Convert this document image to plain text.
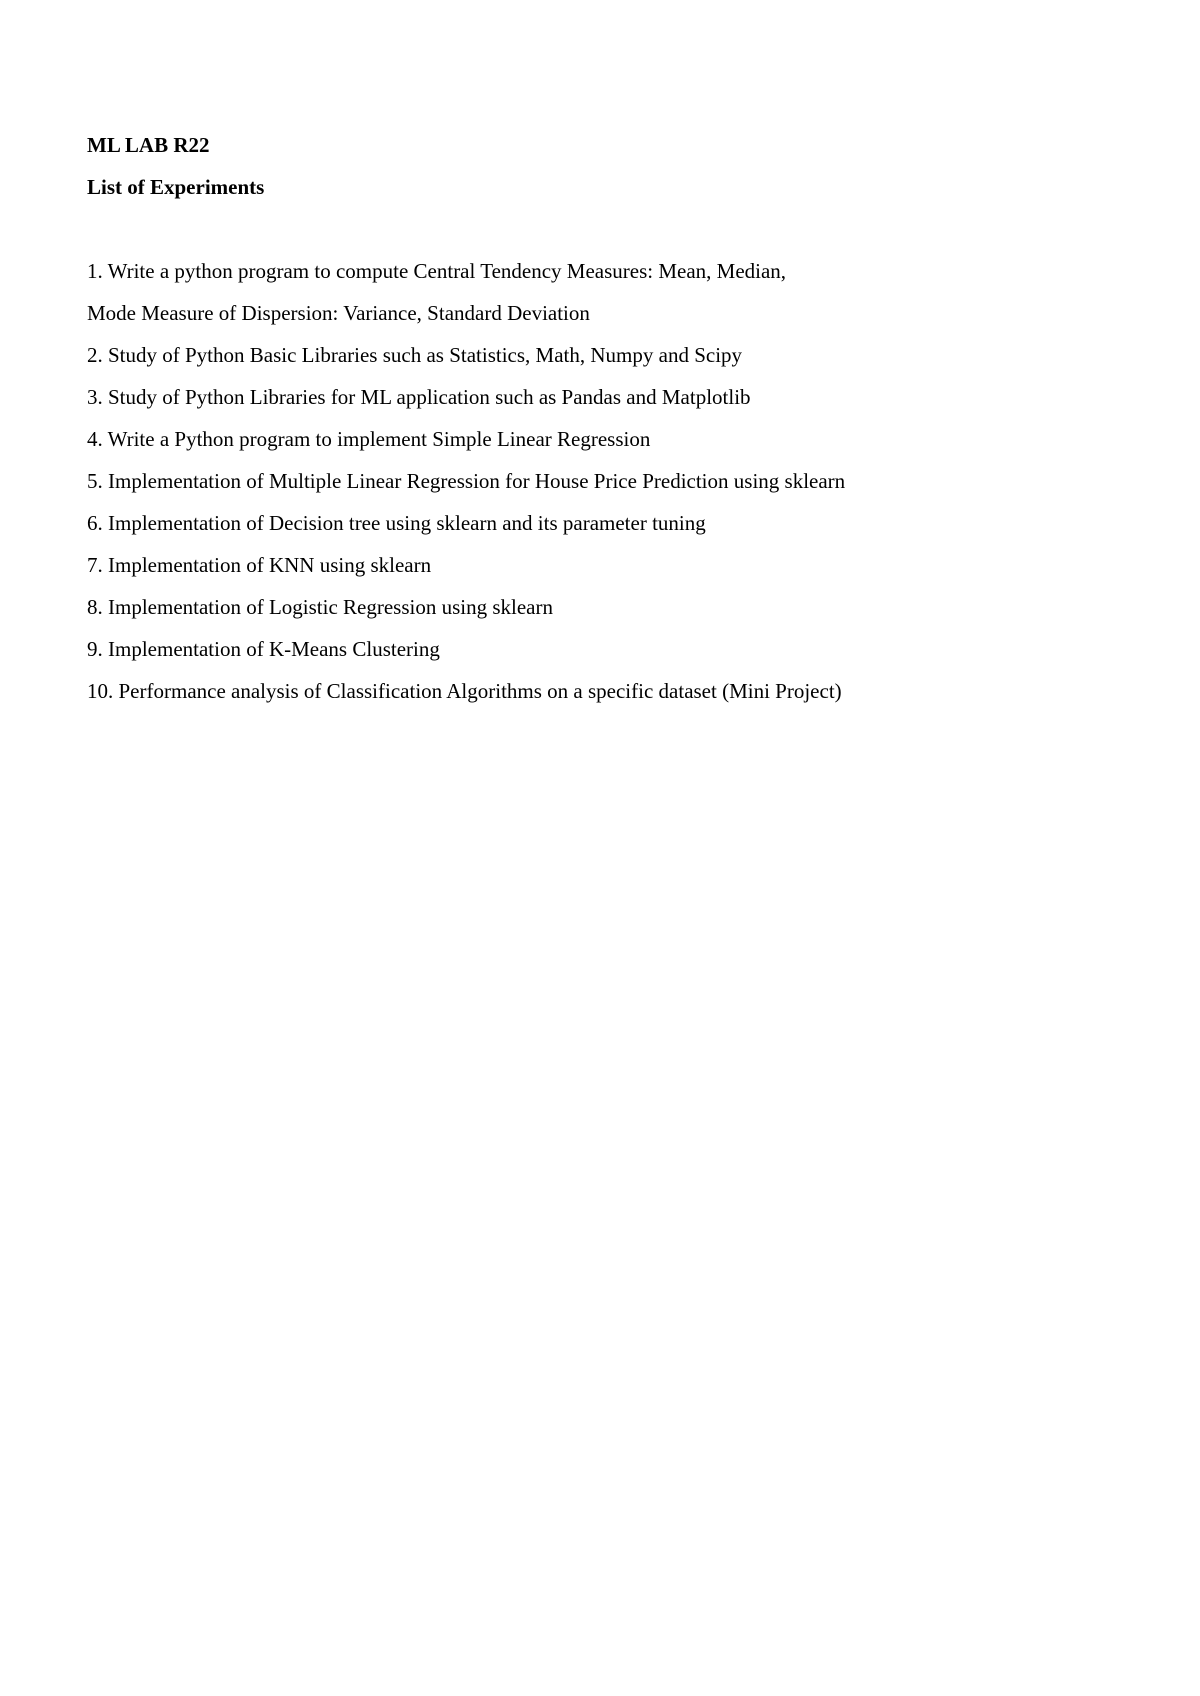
ML LAB R22

List of Experiments

1. Write a python program to compute Central Tendency Measures: Mean, Median,
Mode Measure of Dispersion: Variance, Standard Deviation
2. Study of Python Basic Libraries such as Statistics, Math, Numpy and Scipy
3. Study of Python Libraries for ML application such as Pandas and Matplotlib
4. Write a Python program to implement Simple Linear Regression
5. Implementation of Multiple Linear Regression for House Price Prediction using sklearn
6. Implementation of Decision tree using sklearn and its parameter tuning
7. Implementation of KNN using sklearn
8. Implementation of Logistic Regression using sklearn
9. Implementation of K-Means Clustering
10. Performance analysis of Classification Algorithms on a specific dataset (Mini Project)
